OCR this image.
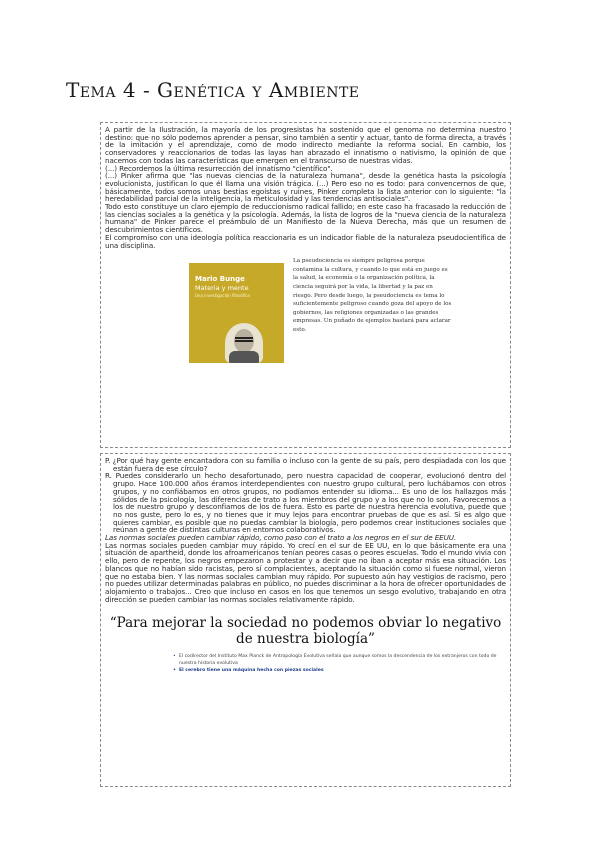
Tema 4 - Genética y Ambiente

A partir de la Ilustración, la mayoría de los progresistas ha sostenido que el genoma no determina nuestro destino: que no sólo podemos aprender a pensar, sino también a sentir y actuar, tanto de forma directa, a través de la imitación y el aprendizaje, como de modo indirecto mediante la reforma social. En cambio, los conservadores y reaccionarios de todas las layas han abrazado el innatismo o nativismo, la opinión de que nacemos con todas las características que emergen en el transcurso de nuestras vidas.

(...) Recordemos la última resurrección del innatismo "científico".

(...) Pinker afirma que "las nuevas ciencias de la naturaleza humana", desde la genética hasta la psicología evolucionista, justifican lo que él llama una visión trágica. (...) Pero eso no es todo: para convencernos de que, básicamente, todos somos unas bestias egoístas y ruines, Pinker completa la lista anterior con lo siguiente: "la heredabilidad parcial de la inteligencia, la meticulosidad y las tendencias antisociales".

Todo esto constituye un claro ejemplo de reduccionismo radical fallido; en este caso ha fracasado la reducción de las ciencias sociales a la genética y la psicología. Además, la lista de logros de la "nueva ciencia de la naturaleza humana" de Pinker parece el preámbulo de un Manifiesto de la Nueva Derecha, más que un resumen de descubrimientos científicos.

El compromiso con una ideología política reaccionaria es un indicador fiable de la naturaleza pseudocientífica de una disciplina.

Mario Bunge
Materia y mente
Una investigación filosófica
La pseudociencia es siempre peligrosa porque contamina la cultura, y cuando lo que está en juego es la salud, la economía o la organización política, la ciencia seguirá por la vida, la libertad y la paz en riesgo. Pero desde luego, la pseudociencia es tema lo suficientemente peligroso cuando goza del apoyo de los gobiernos, las religiones organizadas o las grandes empresas. Un puñado de ejemplos bastará para aclarar esto.

P. ¿Por qué hay gente encantadora con su familia o incluso con la gente de su país, pero despiadada con los que están fuera de ese círculo?

R. Puedes considerarlo un hecho desafortunado, pero nuestra capacidad de cooperar, evolucionó dentro del grupo. Hace 100.000 años éramos interdependientes con nuestro grupo cultural, pero luchábamos con otros grupos, y no confiábamos en otros grupos, no podíamos entender su idioma... Es uno de los hallazgos más sólidos de la psicología, las diferencias de trato a los miembros del grupo y a los que no lo son. Favorecemos a los de nuestro grupo y desconfiamos de los de fuera. Esto es parte de nuestra herencia evolutiva, puede que no nos guste, pero lo es, y no tienes que ir muy lejos para encontrar pruebas de que es así. Si es algo que quieres cambiar, es posible que no puedas cambiar la biología, pero podemos crear instituciones sociales que reúnan a gente de distintas culturas en entornos colaborativos.

Las normas sociales pueden cambiar rápido, como paso con el trato a los negros en el sur de EEUU.

Las normas sociales pueden cambiar muy rápido. Yo crecí en el sur de EE UU, en lo que básicamente era una situación de apartheid, donde los afroamericanos tenían peores casas o peores escuelas. Todo el mundo vivía con ello, pero de repente, los negros empezaron a protestar y a decir que no iban a aceptar más esa situación. Los blancos que no habían sido racistas, pero sí complacientes, aceptando la situación como si fuese normal, vieron que no estaba bien. Y las normas sociales cambian muy rápido. Por supuesto aún hay vestigios de racismo, pero no puedes utilizar determinadas palabras en público, no puedes discriminar a la hora de ofrecer oportunidades de alojamiento o trabajos... Creo que incluso en casos en los que tenemos un sesgo evolutivo, trabajando en otra dirección se pueden cambiar las normas sociales relativamente rápido.

“Para mejorar la sociedad no podemos obviar lo negativo de nuestra biología”
• El codirector del Instituto Max Planck de Antropología Evolutiva señala que aunque somos la descendencia de los extranjeros con todo de nuestra historia evolutiva
• El cerebro tiene una máquina hecha con piezas sociales
